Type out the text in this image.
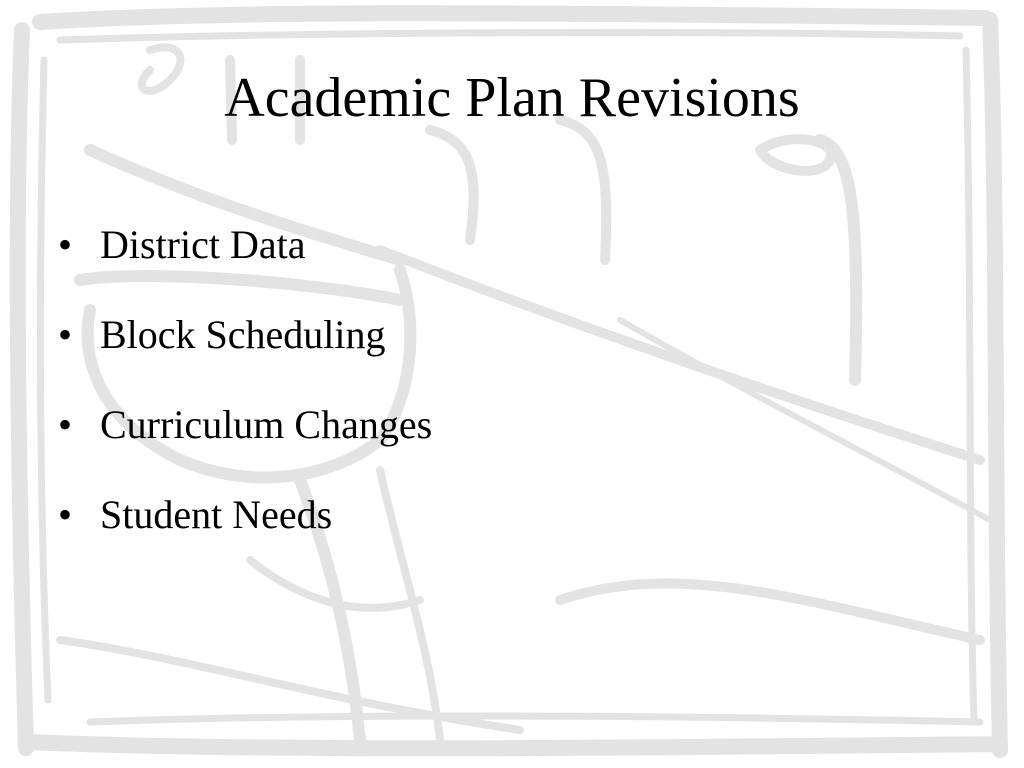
Academic Plan Revisions
• District Data
• Block Scheduling
• Curriculum Changes
• Student Needs
